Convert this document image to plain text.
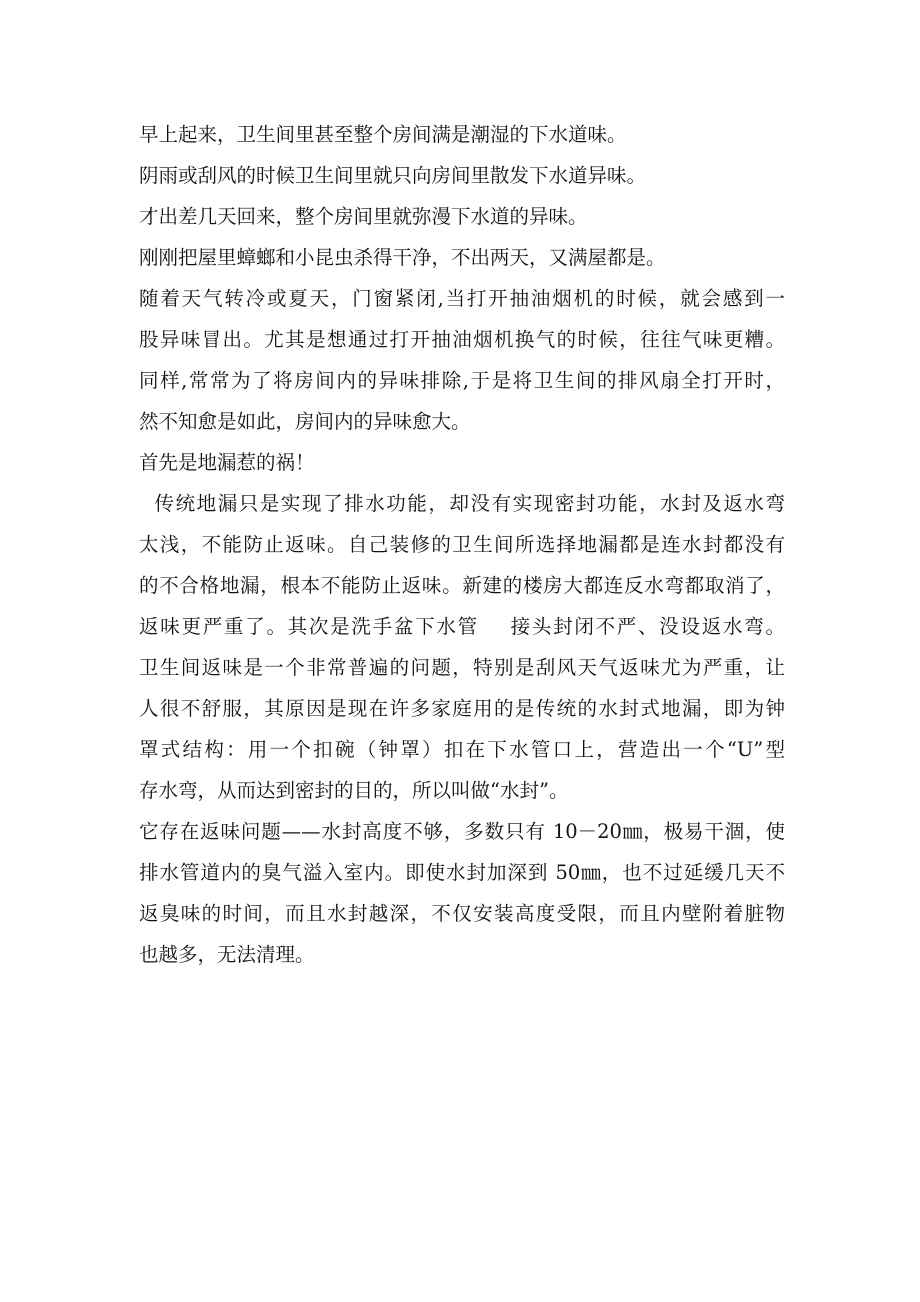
早上起来，卫生间里甚至整个房间满是潮湿的下水道味。
阴雨或刮风的时候卫生间里就只向房间里散发下水道异味。
才出差几天回来，整个房间里就弥漫下水道的异味。
刚刚把屋里蟑螂和小昆虫杀得干净，不出两天，又满屋都是。
随着天气转冷或夏天，门窗紧闭,当打开抽油烟机的时候，就会感到一
股异味冒出。尤其是想通过打开抽油烟机换气的时候，往往气味更糟。
同样,常常为了将房间内的异味排除,于是将卫生间的排风扇全打开时，
然不知愈是如此，房间内的异味愈大。
首先是地漏惹的祸！
传统地漏只是实现了排水功能，却没有实现密封功能，水封及返水弯
太浅，不能防止返味。自己装修的卫生间所选择地漏都是连水封都没有
的不合格地漏，根本不能防止返味。新建的楼房大都连反水弯都取消了，
返味更严重了。其次是洗手盆下水管    接头封闭不严、没设返水弯。
卫生间返味是一个非常普遍的问题，特别是刮风天气返味尤为严重，让
人很不舒服，其原因是现在许多家庭用的是传统的水封式地漏，即为钟
罩式结构：用一个扣碗（钟罩）扣在下水管口上，营造出一个“U”型
存水弯，从而达到密封的目的，所以叫做“水封”。
它存在返味问题——水封高度不够，多数只有 10－20㎜，极易干涸，使
排水管道内的臭气溢入室内。即使水封加深到 50㎜，也不过延缓几天不
返臭味的时间，而且水封越深，不仅安装高度受限，而且内壁附着脏物
也越多，无法清理。
